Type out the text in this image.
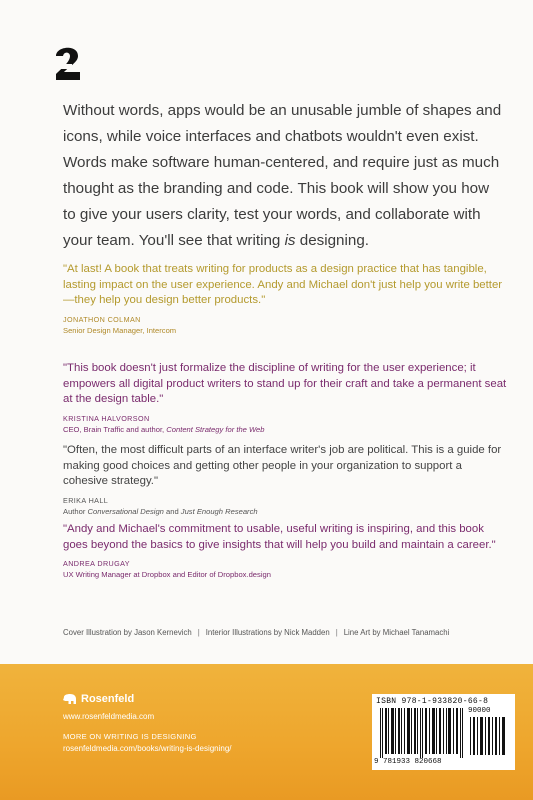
Without words, apps would be an unusable jumble of shapes and icons, while voice interfaces and chatbots wouldn't even exist. Words make software human-centered, and require just as much thought as the branding and code. This book will show you how to give your users clarity, test your words, and collaborate with your team. You'll see that writing is designing.

"At last! A book that treats writing for products as a design practice that has tangible, lasting impact on the user experience. Andy and Michael don't just help you write better—they help you design better products."

JONATHON COLMAN
Senior Design Manager, Intercom

"This book doesn't just formalize the discipline of writing for the user experience; it empowers all digital product writers to stand up for their craft and take a permanent seat at the design table."

KRISTINA HALVORSON
CEO, Brain Traffic and author, Content Strategy for the Web

"Often, the most difficult parts of an interface writer's job are political. This is a guide for making good choices and getting other people in your organization to support a cohesive strategy."

ERIKA HALL
Author Conversational Design and Just Enough Research

"Andy and Michael's commitment to usable, useful writing is inspiring, and this book goes beyond the basics to give insights that will help you build and maintain a career."

ANDREA DRUGAY
UX Writing Manager at Dropbox and Editor of Dropbox.design
Cover Illustration by Jason Kernevich | Interior Illustrations by Nick Madden | Line Art by Michael Tanamachi
Rosenfeld
www.rosenfeldmedia.com
MORE ON WRITING IS DESIGNING
rosenfeldmedia.com/books/writing-is-designing/
ISBN 978-1-933820-66-8
90000
9 781933 820668
